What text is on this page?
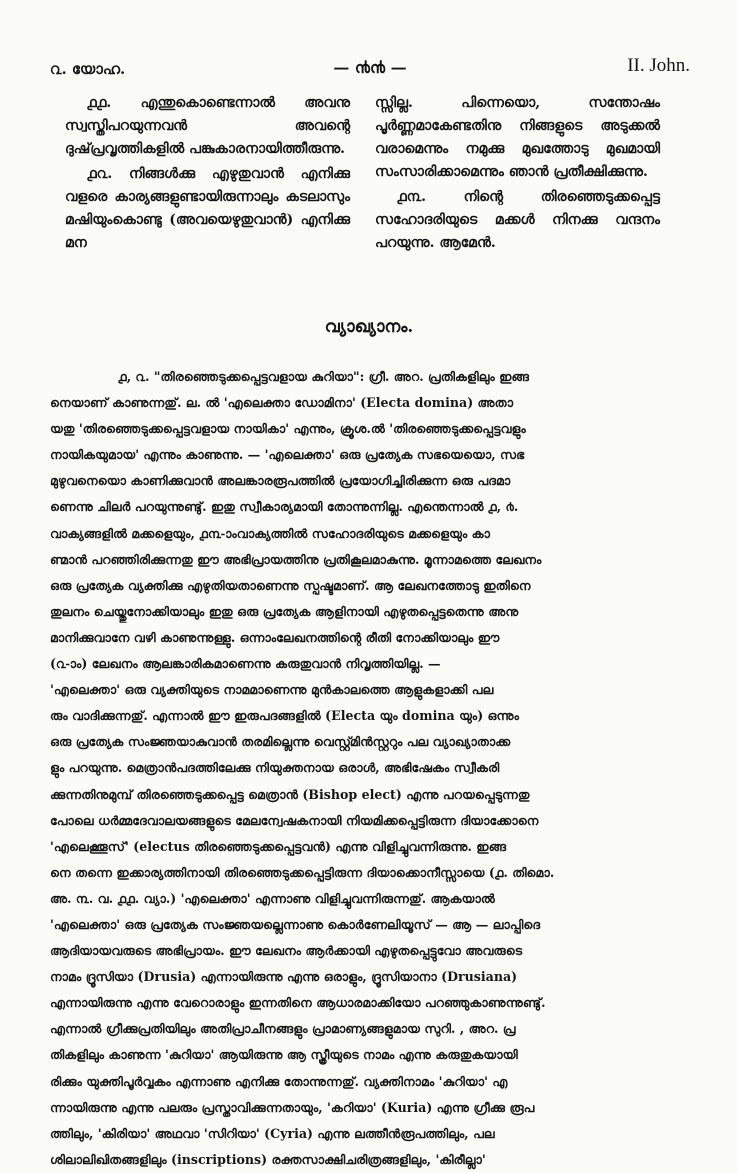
൨. യോഹ.	— ൯൯ —	II. John.

൧൧. എന്തുകൊണ്ടെന്നാൽ അവനു സ്വസ്തിപറയുന്നവൻ അവന്റെ ദുഷ്‌പ്രവൃത്തികളിൽ പങ്കുകാരനായിത്തീരുന്നു.

൧൨. നിങ്ങൾക്കു എഴുതുവാൻ എനിക്കു വളരെ കാര്യങ്ങളുണ്ടായിരുന്നാലും കടലാസും മഷിയുംകൊണ്ടു (അവയെഴുതുവാൻ) എനിക്കു മന

സ്സില്ല. പിന്നെയൊ, സന്തോഷം പൂർണ്ണമാകേണ്ടതിനു നിങ്ങളുടെ അടുക്കൽ വരാമെന്നും നമുക്കു മുഖത്തോടു മുഖമായി സംസാരിക്കാമെന്നും ഞാൻ പ്രതീക്ഷിക്കുന്നു.

൧൩. നിന്റെ തിരഞ്ഞെടുക്കപ്പെട്ട സഹോദരിയുടെ മക്കൾ നിനക്കു വന്ദനം പറയുന്നു. ആമേൻ.

വ്യാഖ്യാനം.
൧, ൨. "തിരഞ്ഞെടുക്കപ്പെട്ടവളായ കുറിയാ": ഗ്രീ. അറ. പ്രതികളിലും ഇങ്ങ
നെയാണ് കാണുന്നതു്. ല. ൽ 'എലെക്താ ഡോമിനാ' (Electa domina) അതാ
യതു 'തിരഞ്ഞെടുക്കപ്പെട്ടവളായ നായികാ' എന്നും, ക്രൂശ.ൽ 'തിരഞ്ഞെടുക്കപ്പെട്ടവളും
നായികയുമായ' എന്നും കാണുന്നു. — 'എലെക്താ' ഒരു പ്രത്യേക സഭയെയൊ, സഭ
മുഴുവനെയൊ കാണിക്കുവാൻ അലങ്കാരരൂപത്തിൽ പ്രയോഗിച്ചിരിക്കുന്ന ഒരു പദമാ
ണെന്നു ചിലർ പറയുന്നുണ്ടു്. ഇതു സ്വീകാര്യമായി തോന്നുന്നില്ല. എന്തെന്നാൽ ൧, ൪.
വാക്യങ്ങളിൽ മക്കളെയും, ൧൩-ാംവാക്യത്തിൽ സഹോദരിയുടെ മക്കളെയും കാ
ണ്മാൻ പറഞ്ഞിരിക്കുന്നതു ഈ അഭിപ്രായത്തിനു പ്രതികൂലമാകുന്നു. മൂന്നാമത്തെ ലേഖനം
ഒരു പ്രത്യേക വ്യക്തിക്കു എഴുതിയതാണെന്നു സ്പഷ്ടമാണ്. ആ ലേഖനത്തോടു ഇതിനെ
തുലനം ചെയ്തുനോക്കിയാലും ഇതു ഒരു പ്രത്യേക ആളിനായി എഴുതപ്പെട്ടതെന്നു അനു
മാനിക്കുവാനേ വഴി കാണുന്നുള്ളു. ഒന്നാംലേഖനത്തിന്റെ രീതി നോക്കിയാലും ഈ
(൨-ാം) ലേഖനം ആലങ്കാരികമാണെന്നു കരുതുവാൻ നിവൃത്തിയില്ല. —
'എലെക്താ' ഒരു വ്യക്തിയുടെ നാമമാണെന്നു മുൻകാലത്തെ ആളുകളാക്കി പല
രും വാദിക്കുന്നതു്. എന്നാൽ ഈ ഇരുപദങ്ങളിൽ (Electa യും domina യും) ഒന്നും
ഒരു പ്രത്യേക സംജ്ഞയാകുവാൻ തരമില്ലെന്നു വെസ്റ്റ്മിൻസ്റ്ററും പല വ്യാഖ്യാതാക്ക
ളും പറയുന്നു. മെത്രാൻപദത്തിലേക്കു നിയുക്തനായ ഒരാൾ, അഭിഷേകം സ്വീകരി
ക്കുന്നതിനുമുമ്പ് തിരഞ്ഞെടുക്കപ്പെട്ട മെത്രാൻ (Bishop elect) എന്നു പറയപ്പെടുന്നതു
പോലെ ധർമ്മദേവാലയങ്ങളുടെ മേലന്വേഷകനായി നിയമിക്കപ്പെട്ടിരുന്ന ദിയാക്കോനെ
'എലെക്തൂസ്' (electus തിരഞ്ഞെടുക്കപ്പെട്ടവൻ) എന്നു വിളിച്ചുവന്നിരുന്നു. ഇങ്ങ
നെ തന്നെ ഇക്കാര്യത്തിനായി തിരഞ്ഞെടുക്കപ്പെട്ടിരുന്ന ദിയാക്കൊനീസ്സായെ (൧. തിമൊ.
അ. ൩. വ. ൧൧. വ്യാ.) 'എലെക്താ' എന്നാണു വിളിച്ചുവന്നിരുന്നതു്. ആകയാൽ
'എലെക്താ' ഒരു പ്രത്യേക സംജ്ഞയല്ലെന്നാണു കൊർണേലിയൂസ് — ആ — ലാപ്പിദെ
ആദിയായവരുടെ അഭിപ്രായം. ഈ ലേഖനം ആർക്കായി എഴുതപ്പെട്ടുവോ അവരുടെ
നാമം ദ്രൂസിയാ (Drusia) എന്നായിരുന്നു എന്നു ഒരാളും, ദ്രൂസിയാനാ (Drusiana)
എന്നായിരുന്നു എന്നു വേറൊരാളും ഇന്നതിനെ ആധാരമാക്കിയോ പറഞ്ഞുകാണുന്നുണ്ടു്.
എന്നാൽ ഗ്രീക്കുപ്രതിയിലും അതിപ്രാചീനങ്ങളും പ്രാമാണ്യങ്ങളുമായ സുറി. , അറ. പ്ര
തികളിലും കാണുന്ന 'കുറിയാ' ആയിരുന്നു ആ സ്ത്രീയുടെ നാമം എന്നു കരുതുകയായി
രിക്കും യുക്തിപൂർവ്വകം എന്നാണു എനിക്കു തോന്നുന്നതു്. വ്യക്തിനാമം 'കുറിയാ' എ
ന്നായിരുന്നു എന്നു പലരും പ്രസ്താവിക്കുന്നതായും, 'കറിയാ' (Kuria) എന്നു ഗ്രീക്കു രൂപ
ത്തിലും, 'കിരിയാ' അഥവാ 'സിറിയാ' (Cyria) എന്നു ലത്തീൻരൂപത്തിലും, പല
ശിലാലിഖിതങ്ങളിലും (inscriptions) രക്തസാക്ഷിചരിത്രങ്ങളിലും, 'കിരീല്ലാ'
